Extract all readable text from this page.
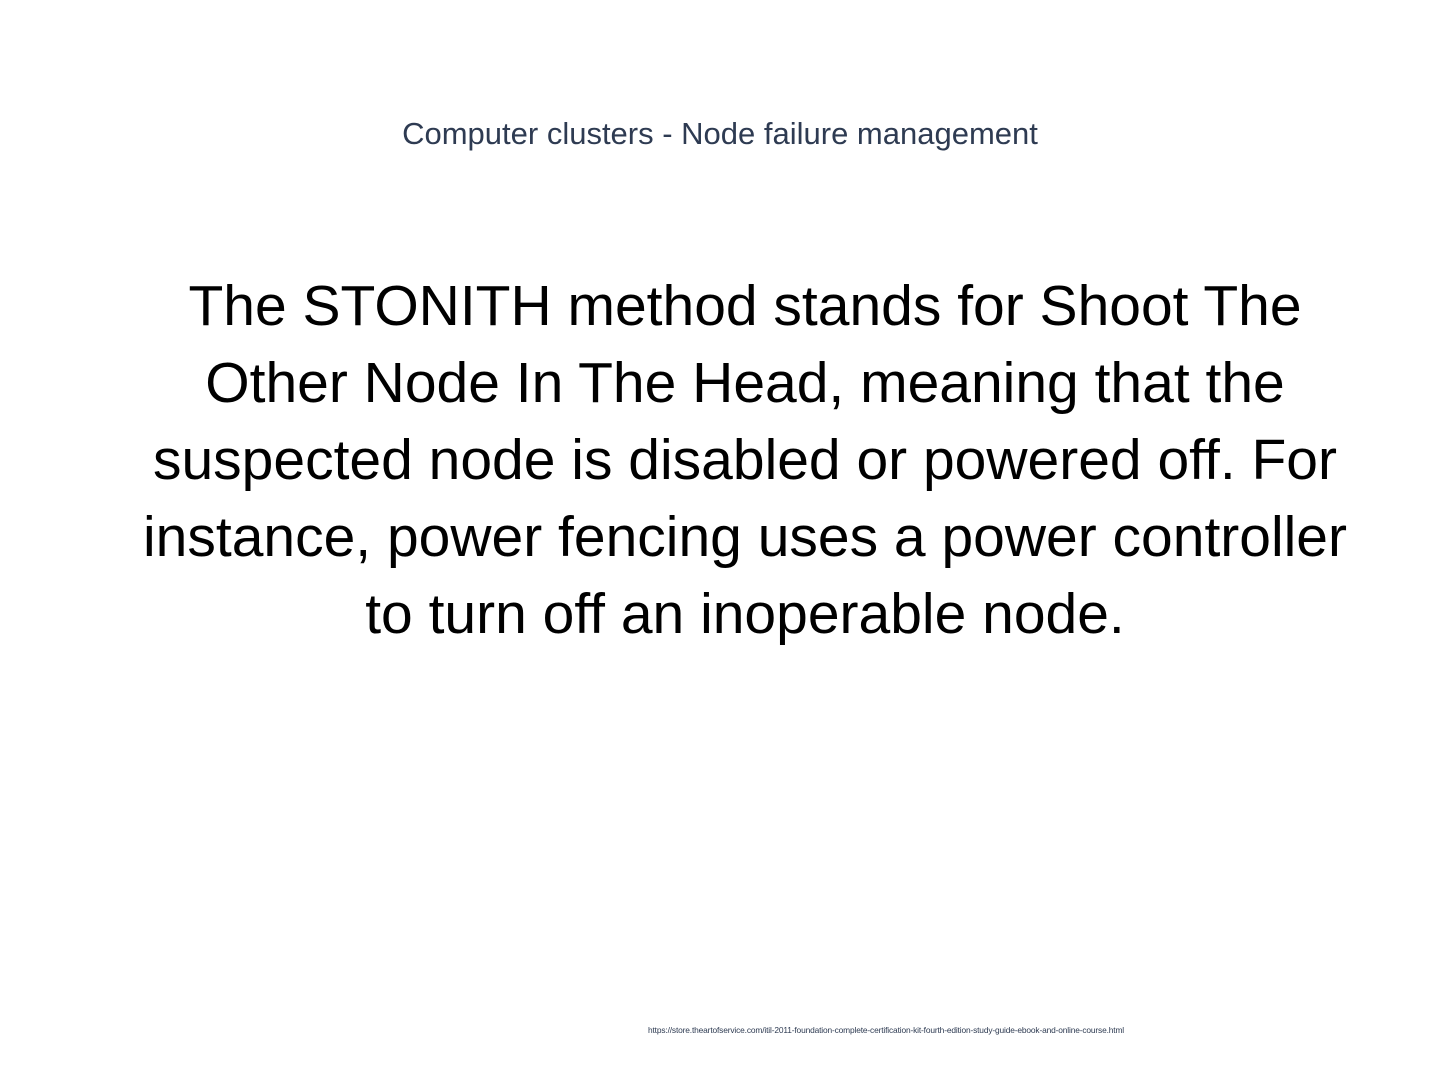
Computer clusters - Node failure management
The STONITH method stands for Shoot The Other Node In The Head, meaning that the suspected node is disabled or powered off. For instance, power fencing uses a power controller to turn off an inoperable node.
https://store.theartofservice.com/itil-2011-foundation-complete-certification-kit-fourth-edition-study-guide-ebook-and-online-course.html
